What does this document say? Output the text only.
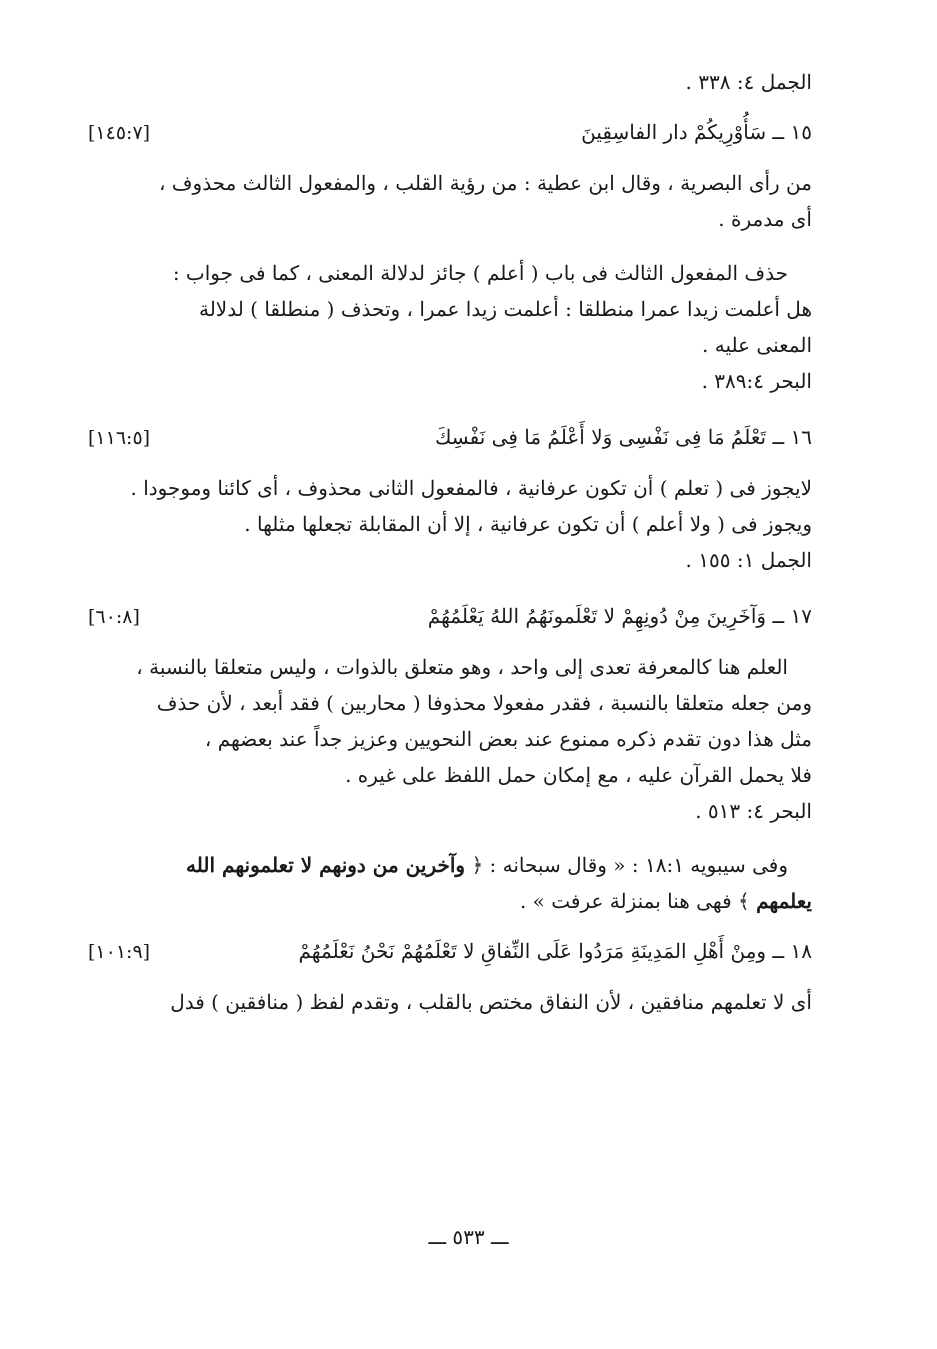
الجمل ٤: ٣٣٨ .
١٥ ــ سَأُوْرِيكُمْ دار الفاسِقِينَ
[١٤٥:٧]
من رأى البصرية ، وقال ابن عطية : من رؤية القلب ، والمفعول الثالث محذوف ،
أى مدمرة .
حذف المفعول الثالث فى باب ( أعلم ) جائز لدلالة المعنى ، كما فى جواب :
هل أعلمت زيدا عمرا منطلقا : أعلمت زيدا عمرا ، وتحذف ( منطلقا ) لدلالة
المعنى عليه .
البحر ٣٨٩:٤ .
١٦ ــ تَعْلَمُ مَا فِى نَفْسِى وَلا أَعْلَمُ مَا فِى نَفْسِكَ
[١١٦:٥]
لايجوز فى ( تعلم ) أن تكون عرفانية ، فالمفعول الثانى محذوف ، أى كائنا وموجودا .
ويجوز فى ( ولا أعلم ) أن تكون عرفانية ، إلا أن المقابلة تجعلها مثلها .
الجمل ١: ١٥٥ .
١٧ ــ وَآخَرِينَ مِنْ دُونِهِمْ لا تَعْلَمونَهُمُ اللهُ يَعْلَمُهُمْ
[٦٠:٨]
العلم هنا كالمعرفة تعدى إلى واحد ، وهو متعلق بالذوات ، وليس متعلقا بالنسبة ،
ومن جعله متعلقا بالنسبة ، فقدر مفعولا محذوفا ( محاربين ) فقد أبعد ، لأن حذف
مثل هذا دون تقدم ذكره ممنوع عند بعض النحويين وعزيز جداً عند بعضهم ،
فلا يحمل القرآن عليه ، مع إمكان حمل اللفظ على غيره .
البحر ٤: ٥١٣ .
وفى سيبويه ١٨:١ : « وقال سبحانه : ﴿ وآخرين من دونهم لا تعلمونهم الله
يعلمهم ﴾ فهى هنا بمنزلة عرفت » .
١٨ ــ ومِنْ أَهْلِ المَدِينَةِ مَرَدُوا عَلَى النِّفاقِ لا تَعْلَمُهُمْ نَحْنُ نَعْلَمُهُمْ
[١٠١:٩]
أى لا تعلمهم منافقين ، لأن النفاق مختص بالقلب ، وتقدم لفظ ( منافقين ) فدل
ـــ ٥٣٣ ـــ
